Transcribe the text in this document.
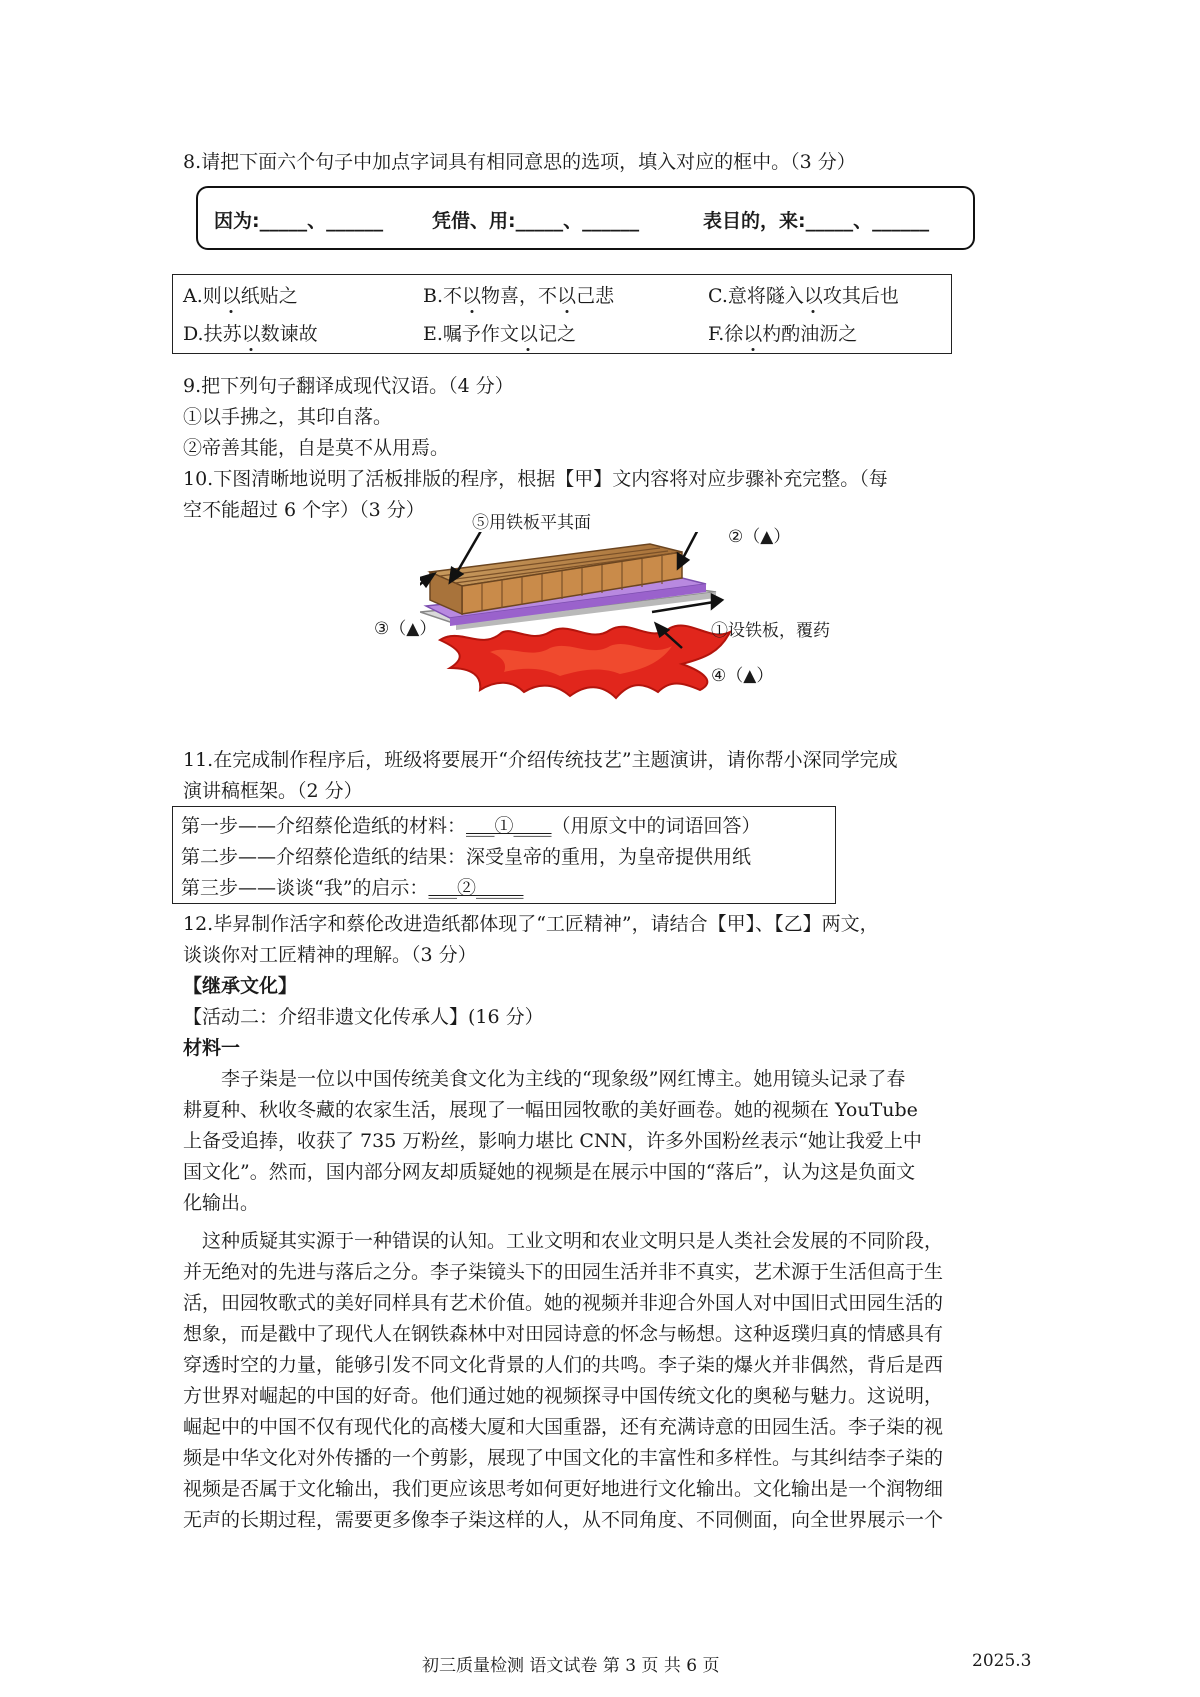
8.请把下面六个句子中加点字词具有相同意思的选项，填入对应的框中。（3 分）
因为:_____、______	凭借、用:_____、______	表目的，来:_____、______
A.则以纸贴之	B.不以物喜，不以己悲	C.意将隧入以攻其后也
D.扶苏以数谏故	E.嘱予作文以记之	F.徐以杓酌油沥之
9.把下列句子翻译成现代汉语。（4 分）
①以手拂之，其印自落。
②帝善其能，自是莫不从用焉。
10.下图清晰地说明了活板排版的程序，根据【甲】文内容将对应步骤补充完整。（每
空不能超过 6 个字）（3 分）
⑤用铁板平其面
②（▲）
③（▲）	①设铁板，覆药
④（▲）
11.在完成制作程序后，班级将要展开“介绍传统技艺”主题演讲，请你帮小深同学完成
演讲稿框架。（2 分）
第一步——介绍蔡伦造纸的材料：___①____（用原文中的词语回答）
第二步——介绍蔡伦造纸的结果：深受皇帝的重用，为皇帝提供用纸
第三步——谈谈“我”的启示：___②_____
12.毕昇制作活字和蔡伦改进造纸都体现了“工匠精神”，请结合【甲】、【乙】两文，
谈谈你对工匠精神的理解。（3 分）
【继承文化】
【活动二：介绍非遗文化传承人】(16 分）
材料一
　　李子柒是一位以中国传统美食文化为主线的“现象级”网红博主。她用镜头记录了春
耕夏种、秋收冬藏的农家生活，展现了一幅田园牧歌的美好画卷。她的视频在 YouTube
上备受追捧，收获了 735 万粉丝，影响力堪比 CNN，许多外国粉丝表示“她让我爱上中
国文化”。然而，国内部分网友却质疑她的视频是在展示中国的“落后”，认为这是负面文
化输出。
　这种质疑其实源于一种错误的认知。工业文明和农业文明只是人类社会发展的不同阶段，
并无绝对的先进与落后之分。李子柒镜头下的田园生活并非不真实，艺术源于生活但高于生
活，田园牧歌式的美好同样具有艺术价值。她的视频并非迎合外国人对中国旧式田园生活的
想象，而是戳中了现代人在钢铁森林中对田园诗意的怀念与畅想。这种返璞归真的情感具有
穿透时空的力量，能够引发不同文化背景的人们的共鸣。李子柒的爆火并非偶然，背后是西
方世界对崛起的中国的好奇。他们通过她的视频探寻中国传统文化的奥秘与魅力。这说明，
崛起中的中国不仅有现代化的高楼大厦和大国重器，还有充满诗意的田园生活。李子柒的视
频是中华文化对外传播的一个剪影，展现了中国文化的丰富性和多样性。与其纠结李子柒的
视频是否属于文化输出，我们更应该思考如何更好地进行文化输出。文化输出是一个润物细
无声的长期过程，需要更多像李子柒这样的人，从不同角度、不同侧面，向全世界展示一个
初三质量检测 语文试卷 第 3 页 共 6 页	2025.3
